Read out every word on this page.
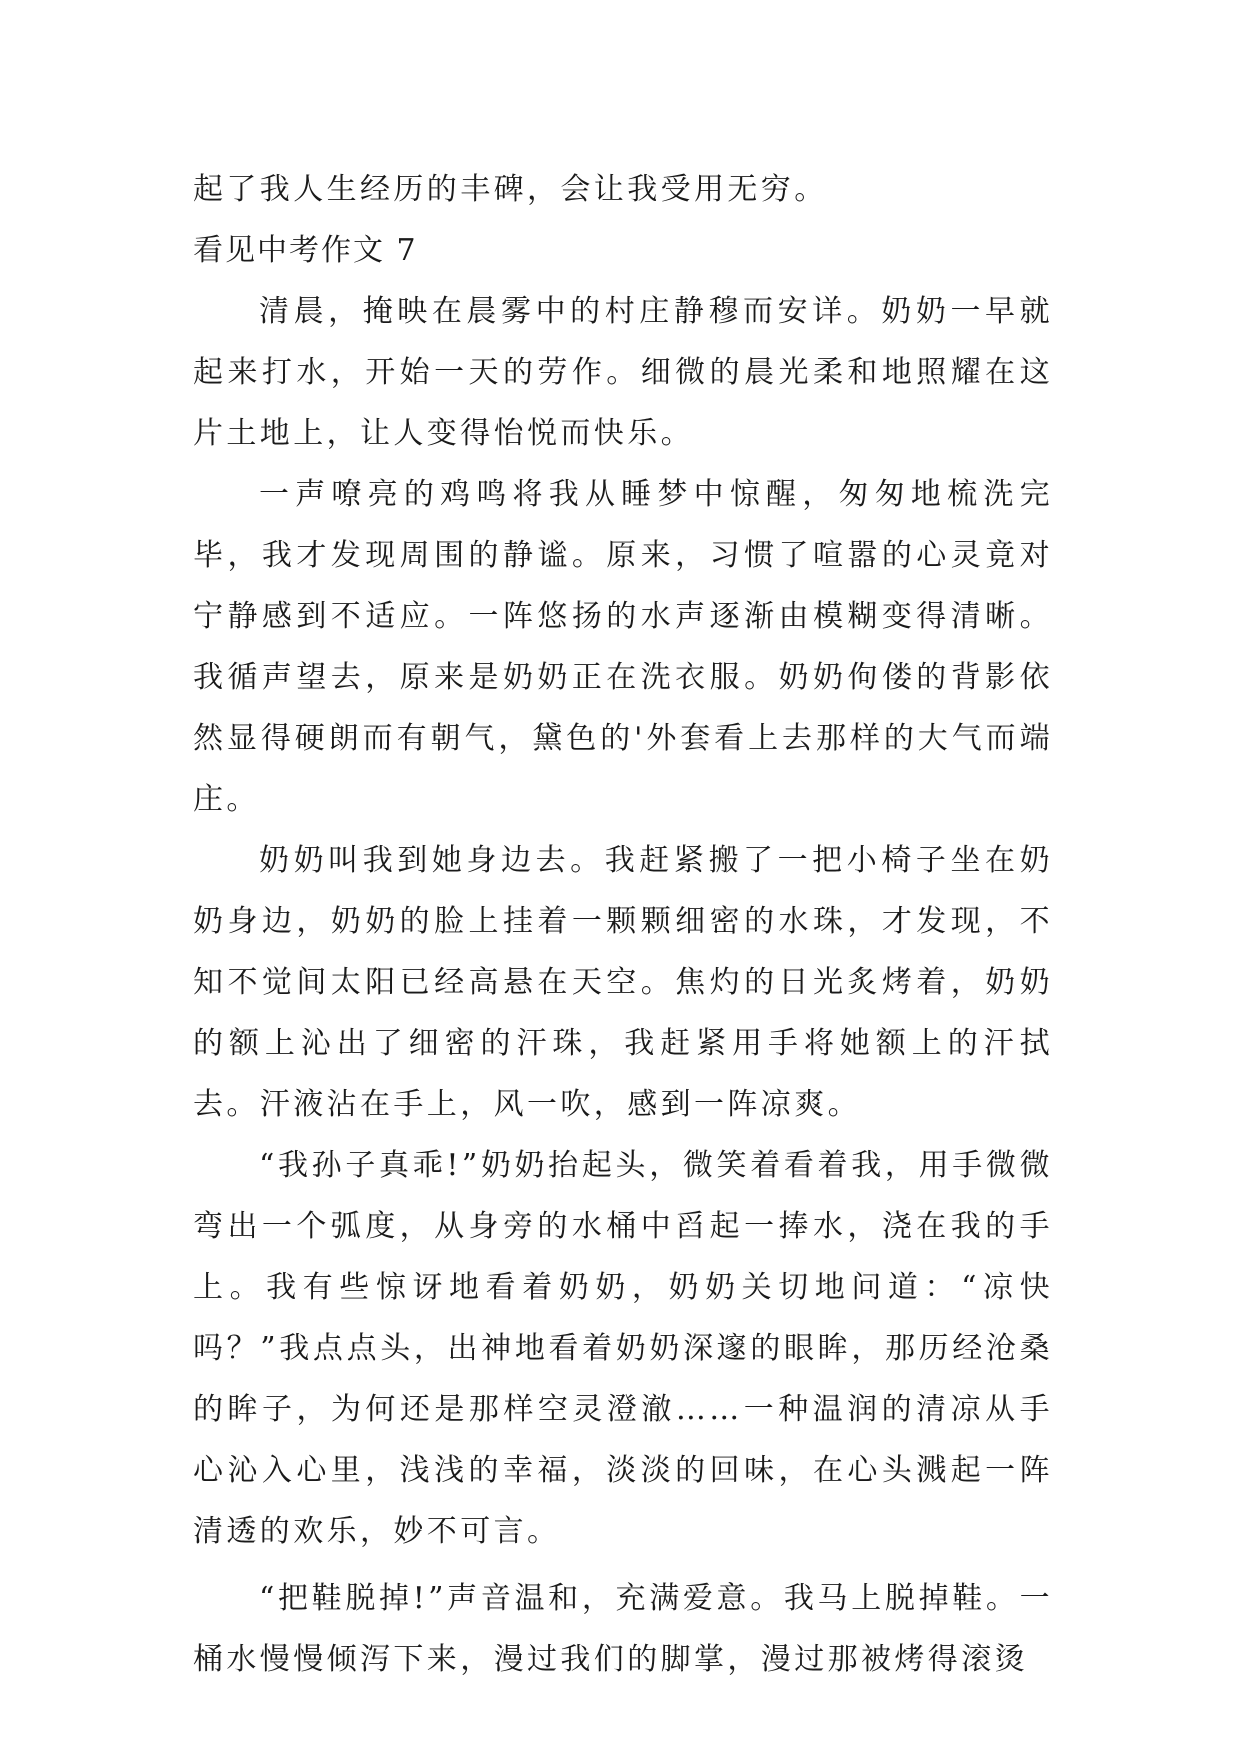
起了我人生经历的丰碑，会让我受用无穷。

看见中考作文 7

清晨，掩映在晨雾中的村庄静穆而安详。奶奶一早就起来打水，开始一天的劳作。细微的晨光柔和地照耀在这片土地上，让人变得怡悦而快乐。

一声嘹亮的鸡鸣将我从睡梦中惊醒，匆匆地梳洗完毕，我才发现周围的静谧。原来，习惯了喧嚣的心灵竟对宁静感到不适应。一阵悠扬的水声逐渐由模糊变得清晰。我循声望去，原来是奶奶正在洗衣服。奶奶佝偻的背影依然显得硬朗而有朝气，黛色的'外套看上去那样的大气而端庄。

奶奶叫我到她身边去。我赶紧搬了一把小椅子坐在奶奶身边，奶奶的脸上挂着一颗颗细密的水珠，才发现，不知不觉间太阳已经高悬在天空。焦灼的日光炙烤着，奶奶的额上沁出了细密的汗珠，我赶紧用手将她额上的汗拭去。汗液沾在手上，风一吹，感到一阵凉爽。

“我孙子真乖!”奶奶抬起头，微笑着看着我，用手微微弯出一个弧度，从身旁的水桶中舀起一捧水，浇在我的手上。我有些惊讶地看着奶奶，奶奶关切地问道：“凉快吗？”我点点头，出神地看着奶奶深邃的眼眸，那历经沧桑的眸子，为何还是那样空灵澄澈……一种温润的清凉从手心沁入心里，浅浅的幸福，淡淡的回味，在心头溅起一阵清透的欢乐，妙不可言。

“把鞋脱掉!”声音温和，充满爱意。我马上脱掉鞋。一桶水慢慢倾泻下来，漫过我们的脚掌，漫过那被烤得滚烫
